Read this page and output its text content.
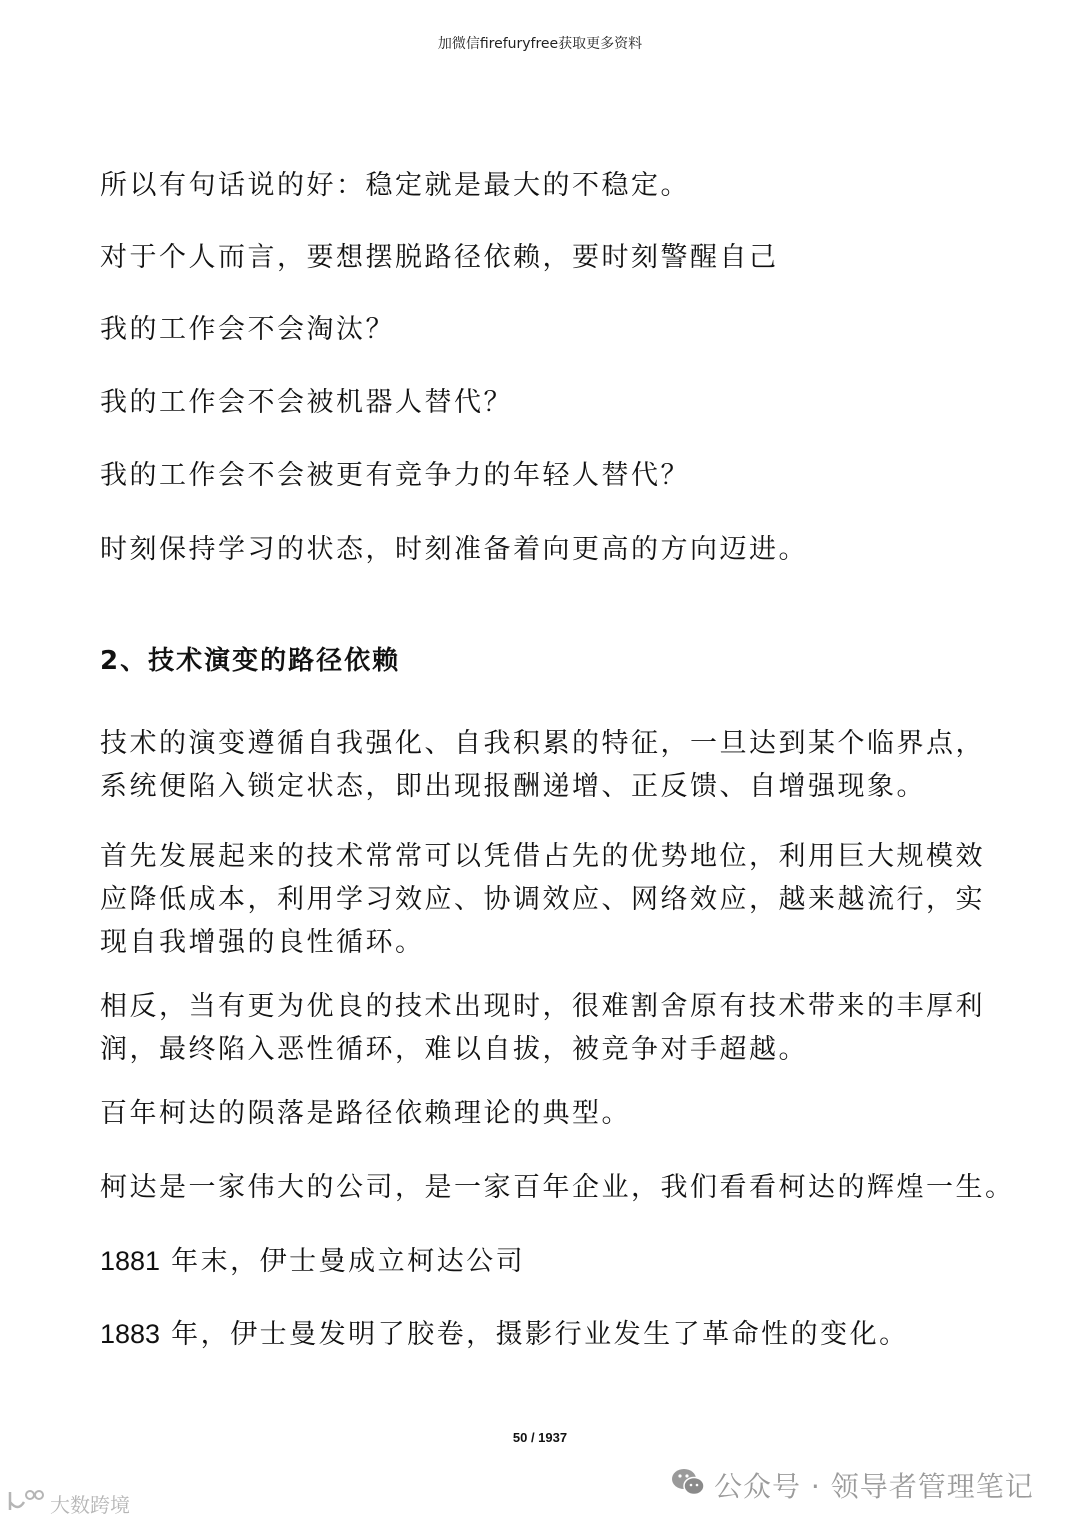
加微信firefuryfree获取更多资料

所以有句话说的好：稳定就是最大的不稳定。

对于个人而言，要想摆脱路径依赖，要时刻警醒自己

我的工作会不会淘汰？

我的工作会不会被机器人替代？

我的工作会不会被更有竞争力的年轻人替代？

时刻保持学习的状态，时刻准备着向更高的方向迈进。

2、技术演变的路径依赖

技术的演变遵循自我强化、自我积累的特征，一旦达到某个临界点，系统便陷入锁定状态，即出现报酬递增、正反馈、自增强现象。

首先发展起来的技术常常可以凭借占先的优势地位，利用巨大规模效应降低成本，利用学习效应、协调效应、网络效应，越来越流行，实现自我增强的良性循环。

相反，当有更为优良的技术出现时，很难割舍原有技术带来的丰厚利润，最终陷入恶性循环，难以自拔，被竞争对手超越。

百年柯达的陨落是路径依赖理论的典型。

柯达是一家伟大的公司，是一家百年企业，我们看看柯达的辉煌一生。

1881 年末，伊士曼成立柯达公司

1883 年，伊士曼发明了胶卷，摄影行业发生了革命性的变化。

50 / 1937
公众号 · 领导者管理笔记
大数跨境
